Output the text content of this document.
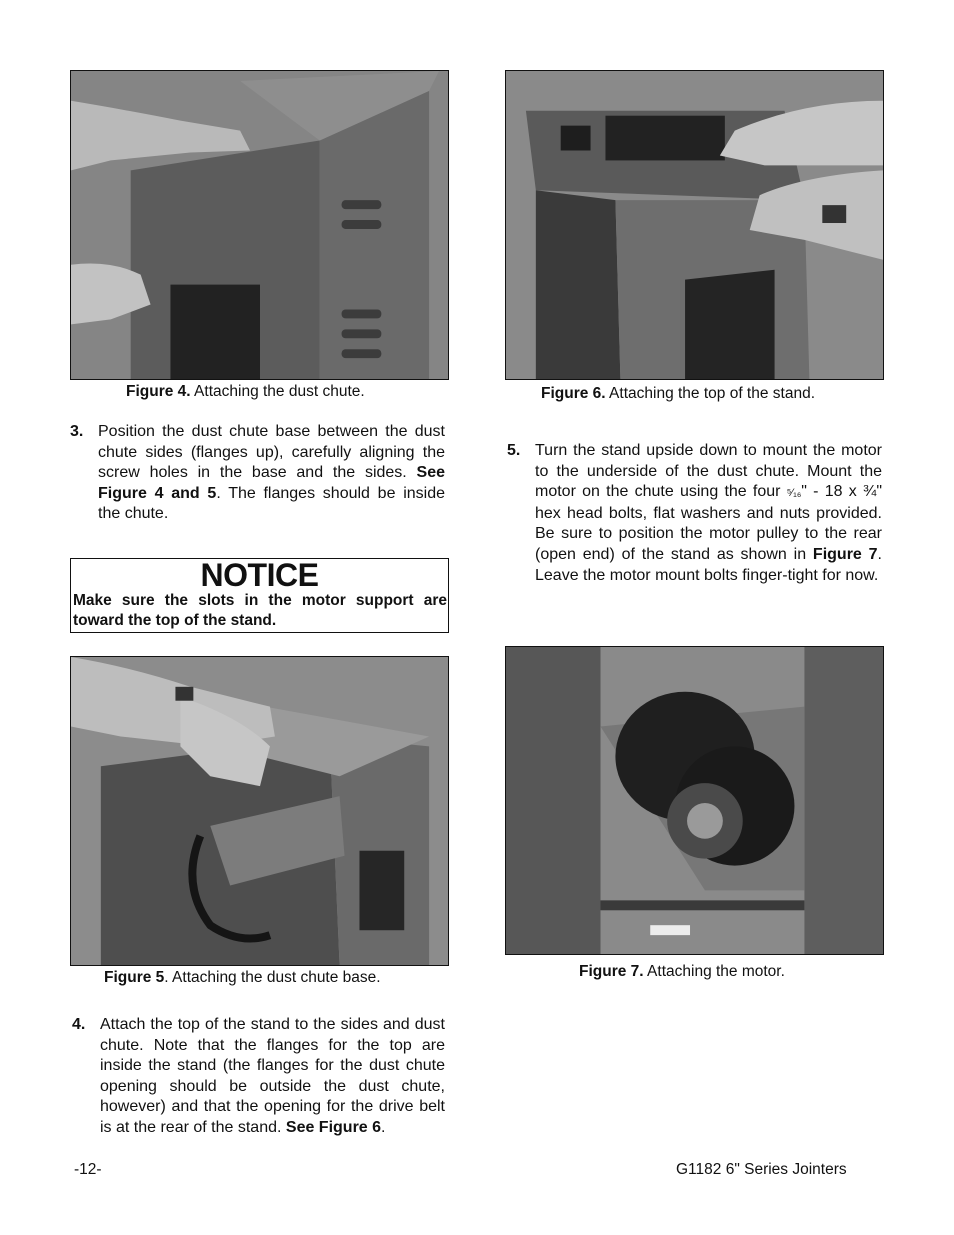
Figure 4. Attaching the dust chute.	Figure 6. Attaching the top of the stand.
3. Position the dust chute base between the dust chute sides (flanges up), carefully aligning the screw holes in the base and the sides. See Figure 4 and 5. The flanges should be inside the chute.
NOTICE
Make sure the slots in the motor support are toward the top of the stand.
5. Turn the stand upside down to mount the motor to the underside of the dust chute. Mount the motor on the chute using the four ⁵⁄₁₆" - 18 x ¾" hex head bolts, flat washers and nuts provided. Be sure to position the motor pulley to the rear (open end) of the stand as shown in Figure 7. Leave the motor mount bolts finger-tight for now.
Figure 5. Attaching the dust chute base.	Figure 7. Attaching the motor.
4. Attach the top of the stand to the sides and dust chute. Note that the flanges for the top are inside the stand (the flanges for the dust chute opening should be outside the dust chute, however) and that the opening for the drive belt is at the rear of the stand. See Figure 6.
-12-	G1182 6" Series Jointers
